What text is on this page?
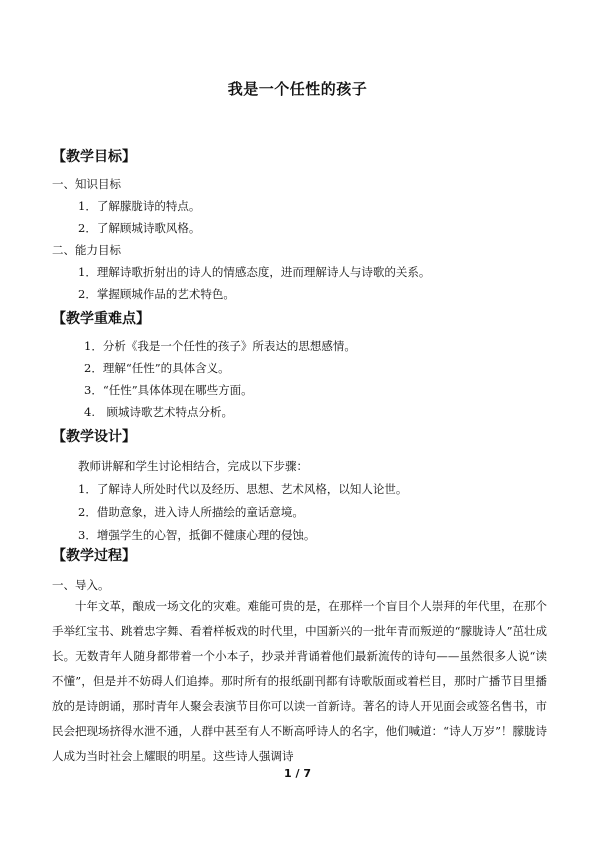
我是一个任性的孩子
【教学目标】
一、知识目标
1．了解朦胧诗的特点。
2．了解顾城诗歌风格。
二、能力目标
1．理解诗歌折射出的诗人的情感态度，进而理解诗人与诗歌的关系。
2．掌握顾城作品的艺术特色。
【教学重难点】
1．分析《我是一个任性的孩子》所表达的思想感情。
2．理解“任性”的具体含义。
3．“任性”具体体现在哪些方面。
4.　顾城诗歌艺术特点分析。
【教学设计】
教师讲解和学生讨论相结合，完成以下步骤：
1．了解诗人所处时代以及经历、思想、艺术风格，以知人论世。
2．借助意象，进入诗人所描绘的童话意境。
3．增强学生的心智，抵御不健康心理的侵蚀。
【教学过程】
一、导入。
十年文革，酿成一场文化的灾难。难能可贵的是，在那样一个盲目个人崇拜的年代里，在那个手举红宝书、跳着忠字舞、看着样板戏的时代里，中国新兴的一批年青而叛逆的“朦胧诗人”茁壮成长。无数青年人随身都带着一个小本子，抄录并背诵着他们最新流传的诗句——虽然很多人说“读不懂”，但是并不妨碍人们追捧。那时所有的报纸副刊都有诗歌版面或着栏目，那时广播节目里播放的是诗朗诵，那时青年人聚会表演节目你可以读一首新诗。著名的诗人开见面会或签名售书，市民会把现场挤得水泄不通，人群中甚至有人不断高呼诗人的名字，他们喊道：“诗人万岁”！朦胧诗人成为当时社会上耀眼的明星。这些诗人强调诗
1 / 7
